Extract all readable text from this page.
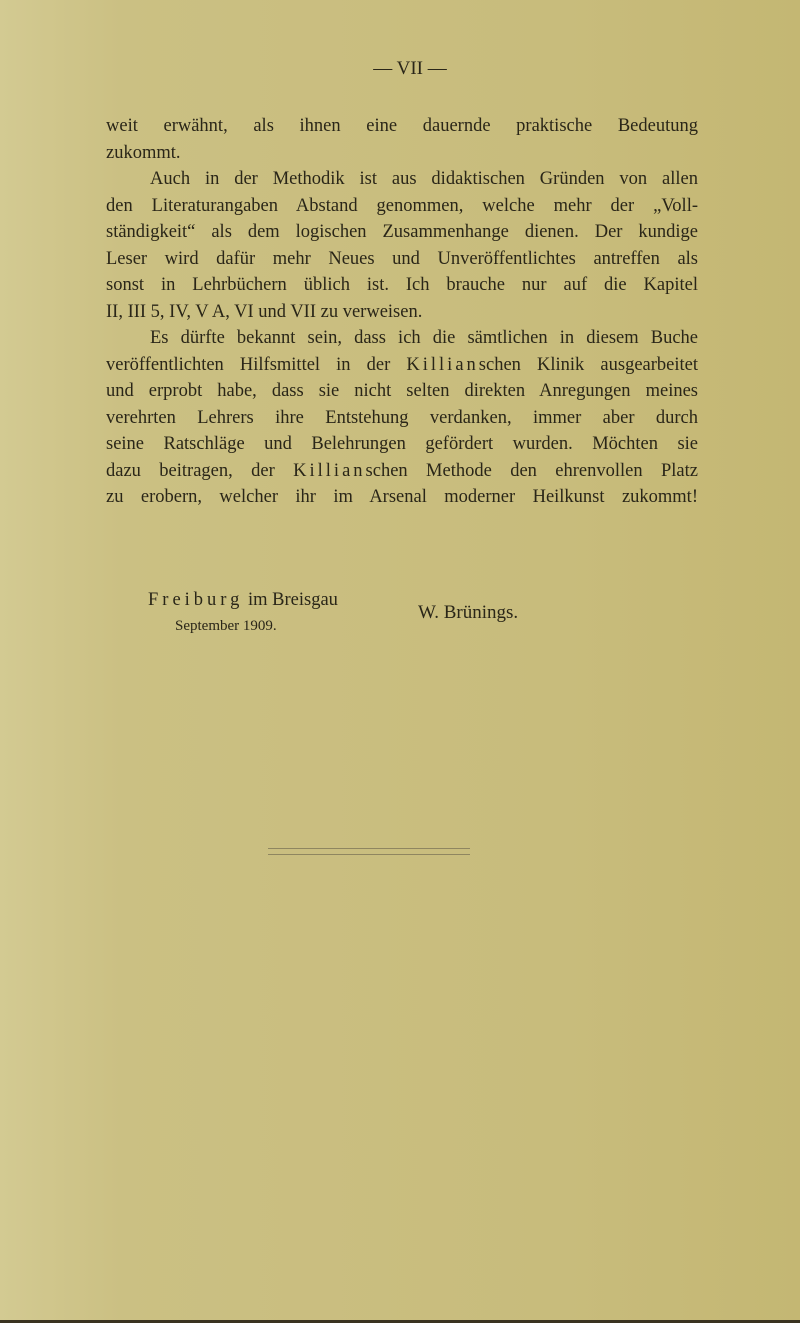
— VII —
weit erwähnt, als ihnen eine dauernde praktische Bedeutung
zukommt.
Auch in der Methodik ist aus didaktischen Gründen von allen
den Literaturangaben Abstand genommen, welche mehr der „Voll-
ständigkeit“ als dem logischen Zusammenhange dienen. Der kundige
Leser wird dafür mehr Neues und Unveröffentlichtes antreffen als
sonst in Lehrbüchern üblich ist. Ich brauche nur auf die Kapitel
II, III 5, IV, V A, VI und VII zu verweisen.
Es dürfte bekannt sein, dass ich die sämtlichen in diesem Buche
veröffentlichten Hilfsmittel in der Killianschen Klinik ausgearbeitet
und erprobt habe, dass sie nicht selten direkten Anregungen meines
verehrten Lehrers ihre Entstehung verdanken, immer aber durch
seine Ratschläge und Belehrungen gefördert wurden. Möchten sie
dazu beitragen, der Killianschen Methode den ehrenvollen Platz
zu erobern, welcher ihr im Arsenal moderner Heilkunst zukommt!
Freiburg im Breisgau
September 1909.
W. Brünings.
